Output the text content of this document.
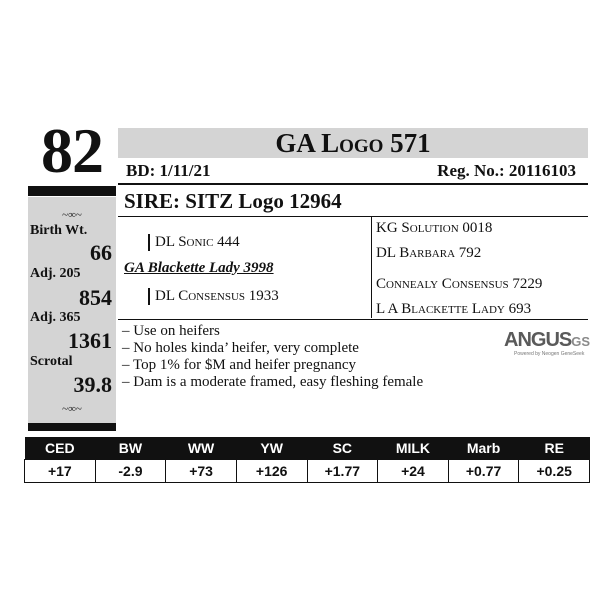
82	GA Logo 571
BD: 1/11/21	Reg. No.: 20116103
~∞~
Birth Wt.
66
Adj. 205
854
Adj. 365
1361
Scrotal
39.8
~∞~
SIRE: SITZ Logo 12964
DL Sonic 444
GA Blackette Lady 3998
DL Consensus 1933
KG Solution 0018
DL Barbara 792
Connealy Consensus 7229
L A Blackette Lady 693
– Use on heifers
– No holes kinda’ heifer, very complete
– Top 1% for $M and heifer pregnancy
– Dam is a moderate framed, easy fleshing female
ANGUSGS
Powered by Neogen GeneSeek
CED	BW	WW	YW	SC	MILK	Marb	RE
+17	-2.9	+73	+126	+1.77	+24	+0.77	+0.25
